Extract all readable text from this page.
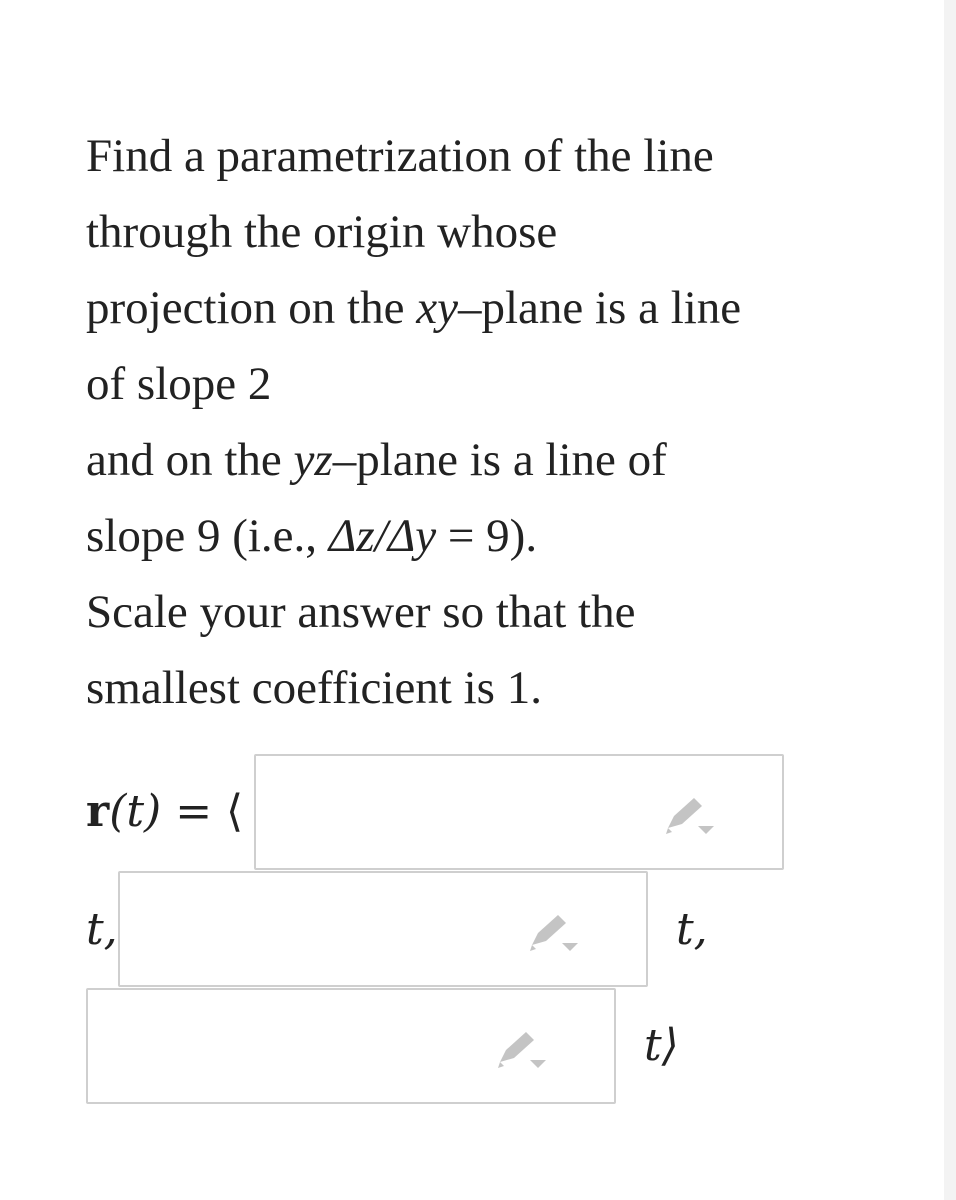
Find a parametrization of the line
through the origin whose
projection on the xy–plane is a line
of slope 2
and on the yz–plane is a line of
slope 9 (i.e., Δz/Δy = 9).
Scale your answer so that the
smallest coefficient is 1.
r(t) = ⟨
t,	t,
t⟩
